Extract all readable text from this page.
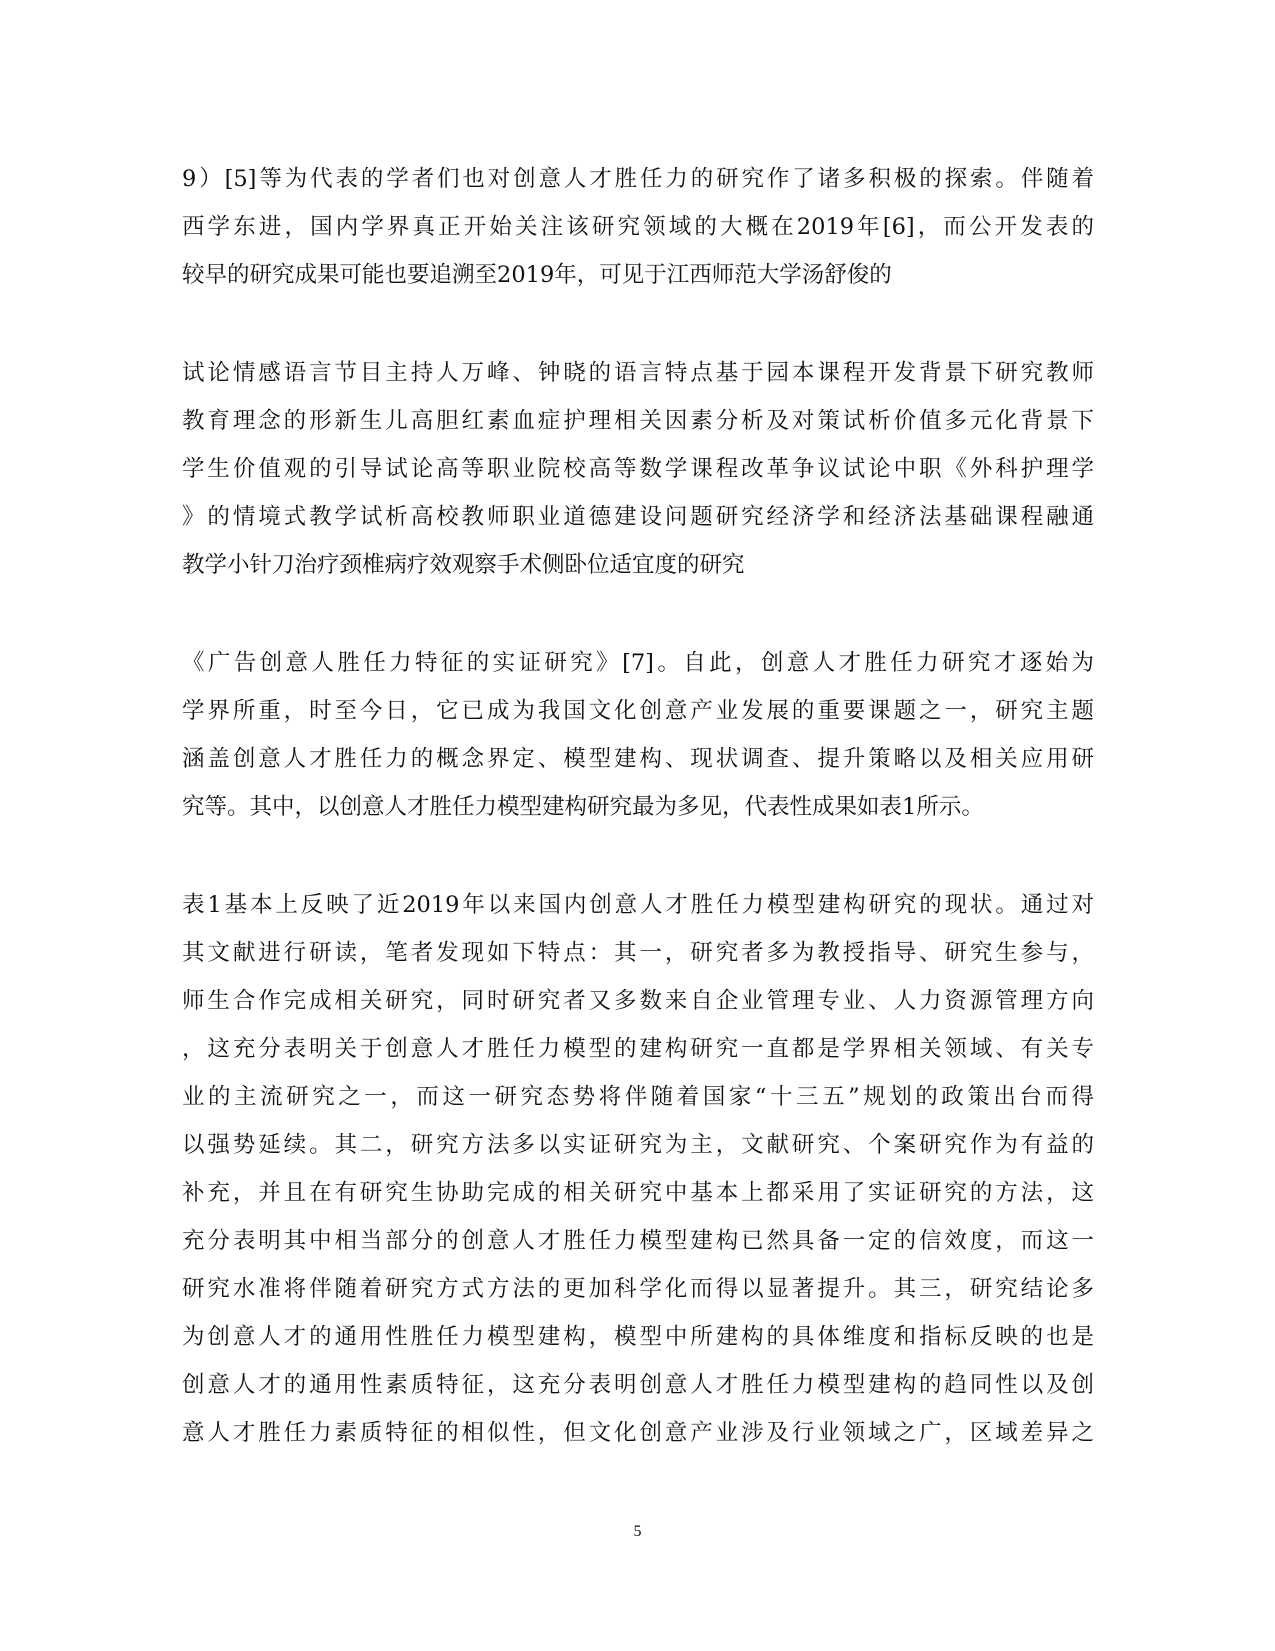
9）[5]等为代表的学者们也对创意人才胜任力的研究作了诸多积极的探索。伴随着
西学东进，国内学界真正开始关注该研究领域的大概在2019年[6]，而公开发表的
较早的研究成果可能也要追溯至2019年，可见于江西师范大学汤舒俊的
试论情感语言节目主持人万峰、钟晓的语言特点基于园本课程开发背景下研究教师
教育理念的形新生儿高胆红素血症护理相关因素分析及对策试析价值多元化背景下
学生价值观的引导试论高等职业院校高等数学课程改革争议试论中职《外科护理学
》的情境式教学试析高校教师职业道德建设问题研究经济学和经济法基础课程融通
教学小针刀治疗颈椎病疗效观察手术侧卧位适宜度的研究
《广告创意人胜任力特征的实证研究》[7]。自此，创意人才胜任力研究才逐始为
学界所重，时至今日，它已成为我国文化创意产业发展的重要课题之一，研究主题
涵盖创意人才胜任力的概念界定、模型建构、现状调查、提升策略以及相关应用研
究等。其中，以创意人才胜任力模型建构研究最为多见，代表性成果如表1所示。
表1基本上反映了近2019年以来国内创意人才胜任力模型建构研究的现状。通过对
其文献进行研读，笔者发现如下特点：其一，研究者多为教授指导、研究生参与，
师生合作完成相关研究，同时研究者又多数来自企业管理专业、人力资源管理方向
，这充分表明关于创意人才胜任力模型的建构研究一直都是学界相关领域、有关专
业的主流研究之一，而这一研究态势将伴随着国家“十三五”规划的政策出台而得
以强势延续。其二，研究方法多以实证研究为主，文献研究、个案研究作为有益的
补充，并且在有研究生协助完成的相关研究中基本上都采用了实证研究的方法，这
充分表明其中相当部分的创意人才胜任力模型建构已然具备一定的信效度，而这一
研究水准将伴随着研究方式方法的更加科学化而得以显著提升。其三，研究结论多
为创意人才的通用性胜任力模型建构，模型中所建构的具体维度和指标反映的也是
创意人才的通用性素质特征，这充分表明创意人才胜任力模型建构的趋同性以及创
意人才胜任力素质特征的相似性，但文化创意产业涉及行业领域之广，区域差异之
5
